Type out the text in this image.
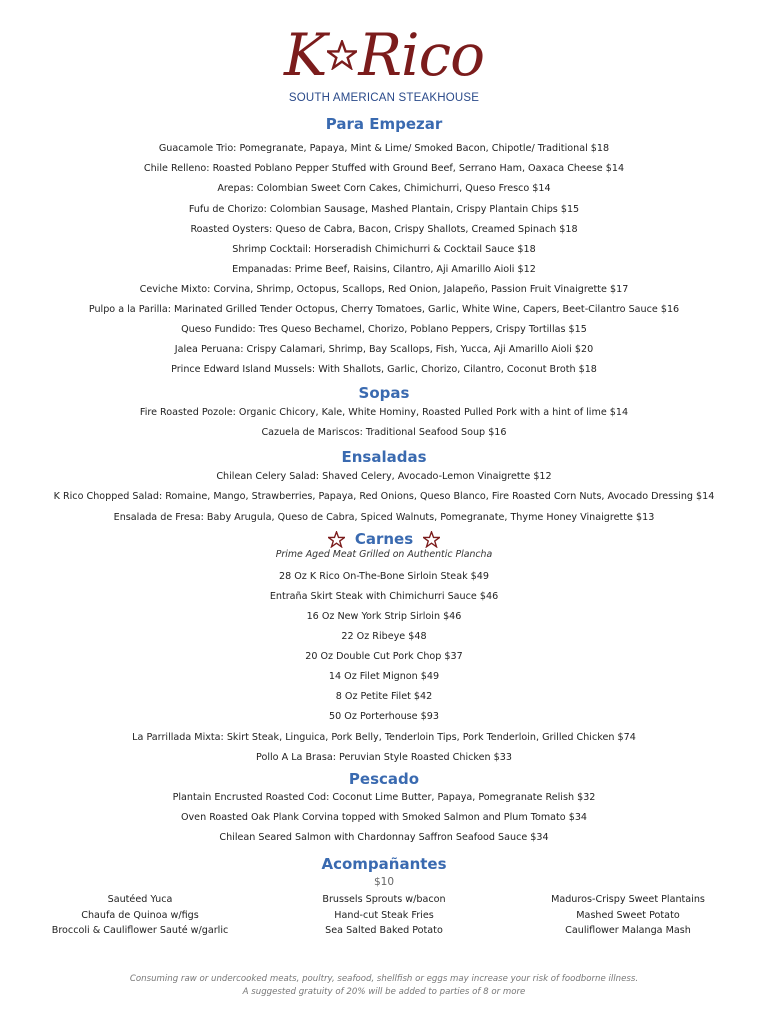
K Rico
SOUTH AMERICAN STEAKHOUSE
Para Empezar
Guacamole Trio: Pomegranate, Papaya, Mint & Lime/ Smoked Bacon, Chipotle/ Traditional $18
Chile Relleno: Roasted Poblano Pepper Stuffed with Ground Beef, Serrano Ham, Oaxaca Cheese $14
Arepas: Colombian Sweet Corn Cakes, Chimichurri, Queso Fresco $14
Fufu de Chorizo: Colombian Sausage, Mashed Plantain, Crispy Plantain Chips $15
Roasted Oysters: Queso de Cabra, Bacon, Crispy Shallots, Creamed Spinach $18
Shrimp Cocktail: Horseradish Chimichurri & Cocktail Sauce $18
Empanadas: Prime Beef, Raisins, Cilantro, Aji Amarillo Aioli $12
Ceviche Mixto: Corvina, Shrimp, Octopus, Scallops, Red Onion, Jalapeño, Passion Fruit Vinaigrette $17
Pulpo a la Parilla: Marinated Grilled Tender Octopus, Cherry Tomatoes, Garlic, White Wine, Capers, Beet-Cilantro Sauce $16
Queso Fundido: Tres Queso Bechamel, Chorizo, Poblano Peppers, Crispy Tortillas $15
Jalea Peruana: Crispy Calamari, Shrimp, Bay Scallops, Fish, Yucca, Aji Amarillo Aioli $20
Prince Edward Island Mussels: With Shallots, Garlic, Chorizo, Cilantro, Coconut Broth $18
Sopas
Fire Roasted Pozole: Organic Chicory, Kale, White Hominy, Roasted Pulled Pork with a hint of lime $14
Cazuela de Mariscos: Traditional Seafood Soup $16
Ensaladas
Chilean Celery Salad: Shaved Celery, Avocado-Lemon Vinaigrette $12
K Rico Chopped Salad: Romaine, Mango, Strawberries, Papaya, Red Onions, Queso Blanco, Fire Roasted Corn Nuts, Avocado Dressing $14
Ensalada de Fresa: Baby Arugula, Queso de Cabra, Spiced Walnuts, Pomegranate, Thyme Honey Vinaigrette $13
Carnes
Prime Aged Meat Grilled on Authentic Plancha
28 Oz K Rico On-The-Bone Sirloin Steak $49
Entraña Skirt Steak with Chimichurri Sauce $46
16 Oz New York Strip Sirloin $46
22 Oz Ribeye $48
20 Oz Double Cut Pork Chop $37
14 Oz Filet Mignon $49
8 Oz Petite Filet $42
50 Oz Porterhouse $93
La Parrillada Mixta: Skirt Steak, Linguica, Pork Belly, Tenderloin Tips, Pork Tenderloin, Grilled Chicken $74
Pollo A La Brasa: Peruvian Style Roasted Chicken $33
Pescado
Plantain Encrusted Roasted Cod: Coconut Lime Butter, Papaya, Pomegranate Relish $32
Oven Roasted Oak Plank Corvina topped with Smoked Salmon and Plum Tomato $34
Chilean Seared Salmon with Chardonnay Saffron Seafood Sauce $34
Acompañantes
$10
Sautéed Yuca
Chaufa de Quinoa w/figs
Broccoli & Cauliflower Sauté w/garlic
Brussels Sprouts w/bacon
Hand-cut Steak Fries
Sea Salted Baked Potato
Maduros-Crispy Sweet Plantains
Mashed Sweet Potato
Cauliflower Malanga Mash
Consuming raw or undercooked meats, poultry, seafood, shellfish or eggs may increase your risk of foodborne illness.
A suggested gratuity of 20% will be added to parties of 8 or more
